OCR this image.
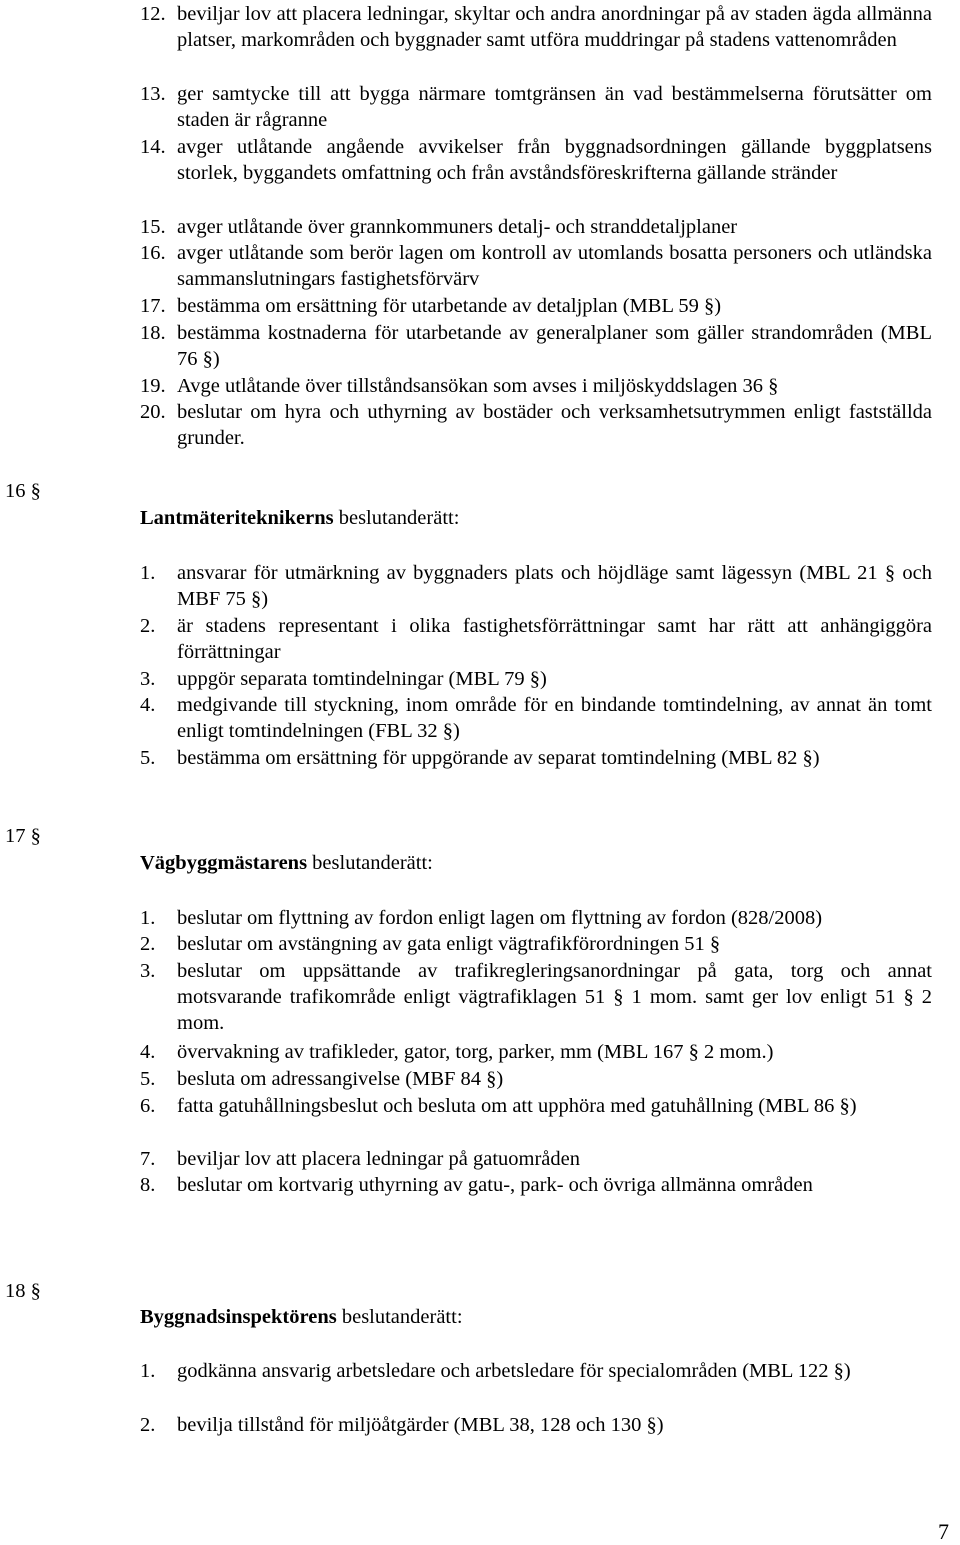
12. beviljar lov att placera ledningar, skyltar och andra anordningar på av staden ägda allmänna platser, markområden och byggnader samt utföra muddringar på stadens vattenområden
13. ger samtycke till att bygga närmare tomtgränsen än vad bestämmelserna förutsätter om staden är rågranne
14. avger utlåtande angående avvikelser från byggnadsordningen gällande byggplatsens storlek, byggandets omfattning och från avståndsföreskrifterna gällande stränder
15. avger utlåtande över grannkommuners detalj- och stranddetaljplaner
16. avger utlåtande som berör lagen om kontroll av utomlands bosatta personers och utländska sammanslutningars fastighetsförvärv
17. bestämma om ersättning för utarbetande av detaljplan (MBL 59 §)
18. bestämma kostnaderna för utarbetande av generalplaner som gäller strandområden (MBL 76 §)
19. Avge utlåtande över tillståndsansökan som avses i miljöskyddslagen 36 §
20. beslutar om hyra och uthyrning av bostäder och verksamhetsutrymmen enligt fastställda grunder.
16 §
Lantmäteriteknikerns beslutanderätt:
1.	ansvarar för utmärkning av byggnaders plats och höjdläge samt lägessyn (MBL 21 § och MBF 75 §)
2.	är stadens representant i olika fastighetsförrättningar samt har rätt att anhängiggöra förrättningar
3.	uppgör separata tomtindelningar (MBL 79 §)
4.	medgivande till styckning, inom område för en bindande tomtindelning, av annat än tomt enligt tomtindelningen (FBL 32 §)
5.	bestämma om ersättning för uppgörande av separat tomtindelning (MBL 82 §)
17 §
Vägbyggmästarens beslutanderätt:
1.	beslutar om flyttning av fordon enligt lagen om flyttning av fordon (828/2008)
2.	beslutar om avstängning av gata enligt vägtrafikförordningen 51 §
3.	beslutar om uppsättande av trafikregleringsanordningar på gata, torg och annat motsvarande trafikområde enligt vägtrafiklagen 51 § 1 mom. samt ger lov enligt 51 § 2 mom.
4.	övervakning av trafikleder, gator, torg, parker, mm (MBL 167 § 2 mom.)
5.	besluta om adressangivelse (MBF 84 §)
6.	fatta gatuhållningsbeslut och besluta om att upphöra med gatuhållning (MBL 86 §)
7.	beviljar lov att placera ledningar på gatuområden
8.	beslutar om kortvarig uthyrning av gatu-, park- och övriga allmänna områden
18 §
Byggnadsinspektörens beslutanderätt:
1.	godkänna ansvarig arbetsledare och arbetsledare för specialområden (MBL 122 §)
2.	bevilja tillstånd för miljöåtgärder (MBL 38, 128 och 130 §)
7
